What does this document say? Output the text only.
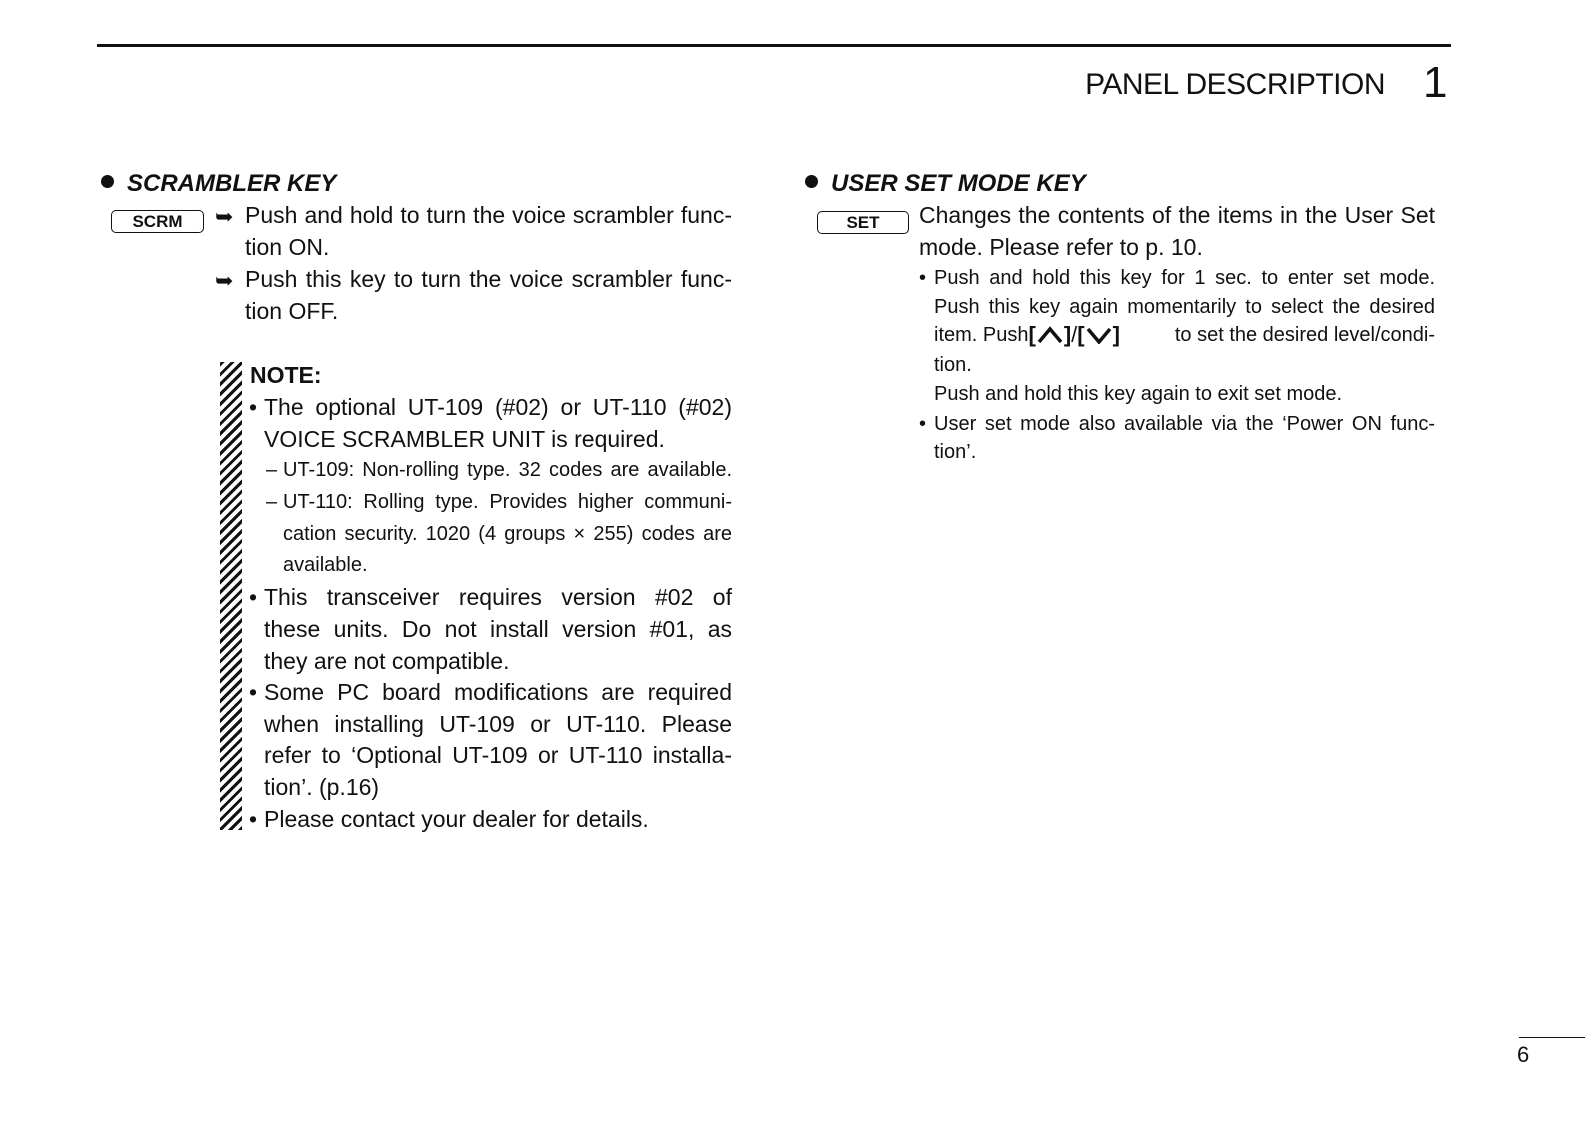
PANEL DESCRIPTION 1
SCRAMBLER KEY
SCRM	➥ Push and hold to turn the voice scrambler func-
tion ON.
➥ Push this key to turn the voice scrambler func-
tion OFF.
NOTE:
• The optional UT-109 (#02) or UT-110 (#02)
VOICE SCRAMBLER UNIT is required.
– UT-109: Non-rolling type. 32 codes are available.
– UT-110: Rolling type. Provides higher communi-
cation security. 1020 (4 groups × 255) codes are
available.
• This transceiver requires version #02 of
these units. Do not install version #01, as
they are not compatible.
• Some PC board modifications are required
when installing UT-109 or UT-110. Please
refer to ‘Optional UT-109 or UT-110 installa-
tion’. (p.16)
• Please contact your dealer for details.
USER SET MODE KEY
SET	Changes the contents of the items in the User Set
mode. Please refer to p. 10.
• Push and hold this key for 1 sec. to enter set mode.
Push this key again momentarily to select the desired
item. Push [ ] / [ ]	to set the desired level/condi-
tion.
Push and hold this key again to exit set mode.
• User set mode also available via the ‘Power ON func-
tion’.
6
